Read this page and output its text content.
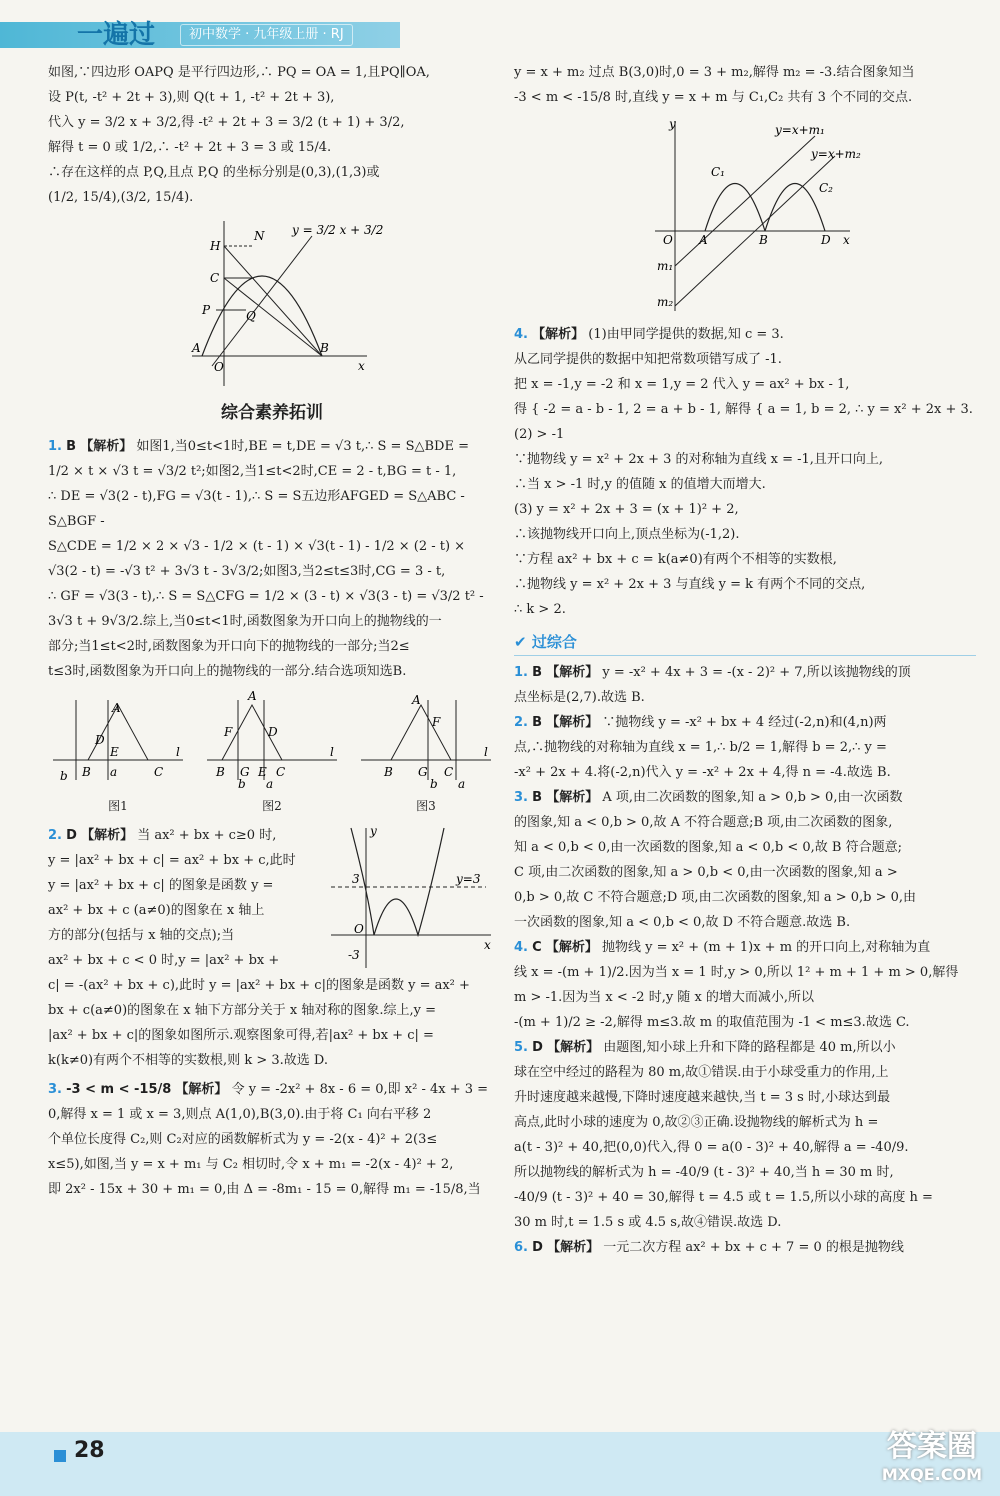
一遍过	初中数学 · 九年级上册 · RJ

如图,∵四边形 OAPQ 是平行四边形,∴ PQ = OA = 1,且PQ∥OA,

设 P(t, -t² + 2t + 3),则 Q(t + 1, -t² + 2t + 3),

代入 y = 3/2 x + 3/2,得 -t² + 2t + 3 = 3/2 (t + 1) + 3/2,

解得 t = 0 或 1/2,∴ -t² + 2t + 3 = 3 或 15/4.

∴存在这样的点 P,Q,且点 P,Q 的坐标分别是(0,3),(1,3)或

(1/2, 15/4),(3/2, 15/4).

H
N
C
P	Q
A
O
B
x
y = 3/2 x + 3/2
综合素养拓训

1. B 【解析】 如图1,当0≤t<1时,BE = t,DE = √3 t,∴ S = S△BDE =

1/2 × t × √3 t = √3/2 t²;如图2,当1≤t<2时,CE = 2 - t,BG = t - 1,

∴ DE = √3(2 - t),FG = √3(t - 1),∴ S = S五边形AFGED = S△ABC - S△BGF -

S△CDE = 1/2 × 2 × √3 - 1/2 × (t - 1) × √3(t - 1) - 1/2 × (2 - t) ×

√3(2 - t) = -√3 t² + 3√3 t - 3√3/2;如图3,当2≤t≤3时,CG = 3 - t,

∴ GF = √3(3 - t),∴ S = S△CFG = 1/2 × (3 - t) × √3(3 - t) = √3/2 t² -

3√3 t + 9√3/2.综上,当0≤t<1时,函数图象为开口向上的抛物线的一

部分;当1≤t<2时,函数图象为开口向下的抛物线的一部分;当2≤

t≤3时,函数图象为开口向上的抛物线的一部分.结合选项知选B.

A
D
E
B a
b	C
l
图1
A
F	D
B G E C
b a
l
图2
A
F
B G C
b a
l
图3

2. D 【解析】 当 ax² + bx + c≥0 时,

y = |ax² + bx + c| = ax² + bx + c,此时

y = |ax² + bx + c| 的图象是函数 y =

ax² + bx + c (a≠0)的图象在 x 轴上

方的部分(包括与 x 轴的交点);当

ax² + bx + c < 0 时,y = |ax² + bx +

y
3	y=3
O
-3
x

c| = -(ax² + bx + c),此时 y = |ax² + bx + c|的图象是函数 y = ax² +

bx + c(a≠0)的图象在 x 轴下方部分关于 x 轴对称的图象.综上,y =

|ax² + bx + c|的图象如图所示.观察图象可得,若|ax² + bx + c| =

k(k≠0)有两个不相等的实数根,则 k > 3.故选 D.

3. -3 < m < -15/8 【解析】 令 y = -2x² + 8x - 6 = 0,即 x² - 4x + 3 =

0,解得 x = 1 或 x = 3,则点 A(1,0),B(3,0).由于将 C₁ 向右平移 2

个单位长度得 C₂,则 C₂对应的函数解析式为 y = -2(x - 4)² + 2(3≤

x≤5),如图,当 y = x + m₁ 与 C₂ 相切时,令 x + m₁ = -2(x - 4)² + 2,

即 2x² - 15x + 30 + m₁ = 0,由 Δ = -8m₁ - 15 = 0,解得 m₁ = -15/8,当

y = x + m₂ 过点 B(3,0)时,0 = 3 + m₂,解得 m₂ = -3.结合图象知当

-3 < m < -15/8 时,直线 y = x + m 与 C₁,C₂ 共有 3 个不同的交点.

y	y=x+m₁
y=x+m₂
C₁
C₂
O A	B	D x
m₁
m₂

4. 【解析】 (1)由甲同学提供的数据,知 c = 3.

从乙同学提供的数据中知把常数项错写成了 -1.

把 x = -1,y = -2 和 x = 1,y = 2 代入 y = ax² + bx - 1,

得 { -2 = a - b - 1, 2 = a + b - 1, 解得 { a = 1, b = 2, ∴ y = x² + 2x + 3.

(2) > -1

∵抛物线 y = x² + 2x + 3 的对称轴为直线 x = -1,且开口向上,

∴当 x > -1 时,y 的值随 x 的值增大而增大.

(3) y = x² + 2x + 3 = (x + 1)² + 2,

∴该抛物线开口向上,顶点坐标为(-1,2).

∵方程 ax² + bx + c = k(a≠0)有两个不相等的实数根,

∴抛物线 y = x² + 2x + 3 与直线 y = k 有两个不同的交点,

∴ k > 2.

✔ 过综合

1. B 【解析】 y = -x² + 4x + 3 = -(x - 2)² + 7,所以该抛物线的顶

点坐标是(2,7).故选 B.

2. B 【解析】 ∵抛物线 y = -x² + bx + 4 经过(-2,n)和(4,n)两

点,∴抛物线的对称轴为直线 x = 1,∴ b/2 = 1,解得 b = 2,∴ y =

-x² + 2x + 4.将(-2,n)代入 y = -x² + 2x + 4,得 n = -4.故选 B.

3. B 【解析】 A 项,由二次函数的图象,知 a > 0,b > 0,由一次函数

的图象,知 a < 0,b > 0,故 A 不符合题意;B 项,由二次函数的图象,

知 a < 0,b < 0,由一次函数的图象,知 a < 0,b < 0,故 B 符合题意;

C 项,由二次函数的图象,知 a > 0,b < 0,由一次函数的图象,知 a >

0,b > 0,故 C 不符合题意;D 项,由二次函数的图象,知 a > 0,b > 0,由

一次函数的图象,知 a < 0,b < 0,故 D 不符合题意.故选 B.

4. C 【解析】 抛物线 y = x² + (m + 1)x + m 的开口向上,对称轴为直

线 x = -(m + 1)/2.因为当 x = 1 时,y > 0,所以 1² + m + 1 + m > 0,解得

m > -1.因为当 x < -2 时,y 随 x 的增大而减小,所以

-(m + 1)/2 ≥ -2,解得 m≤3.故 m 的取值范围为 -1 < m≤3.故选 C.

5. D 【解析】 由题图,知小球上升和下降的路程都是 40 m,所以小

球在空中经过的路程为 80 m,故①错误.由于小球受重力的作用,上

升时速度越来越慢,下降时速度越来越快,当 t = 3 s 时,小球达到最

高点,此时小球的速度为 0,故②③正确.设抛物线的解析式为 h =

a(t - 3)² + 40,把(0,0)代入,得 0 = a(0 - 3)² + 40,解得 a = -40/9.

所以抛物线的解析式为 h = -40/9 (t - 3)² + 40,当 h = 30 m 时,

-40/9 (t - 3)² + 40 = 30,解得 t = 4.5 或 t = 1.5,所以小球的高度 h =

30 m 时,t = 1.5 s 或 4.5 s,故④错误.故选 D.

6. D 【解析】 一元二次方程 ax² + bx + c + 7 = 0 的根是抛物线

28	答案圈
MXQE.COM
